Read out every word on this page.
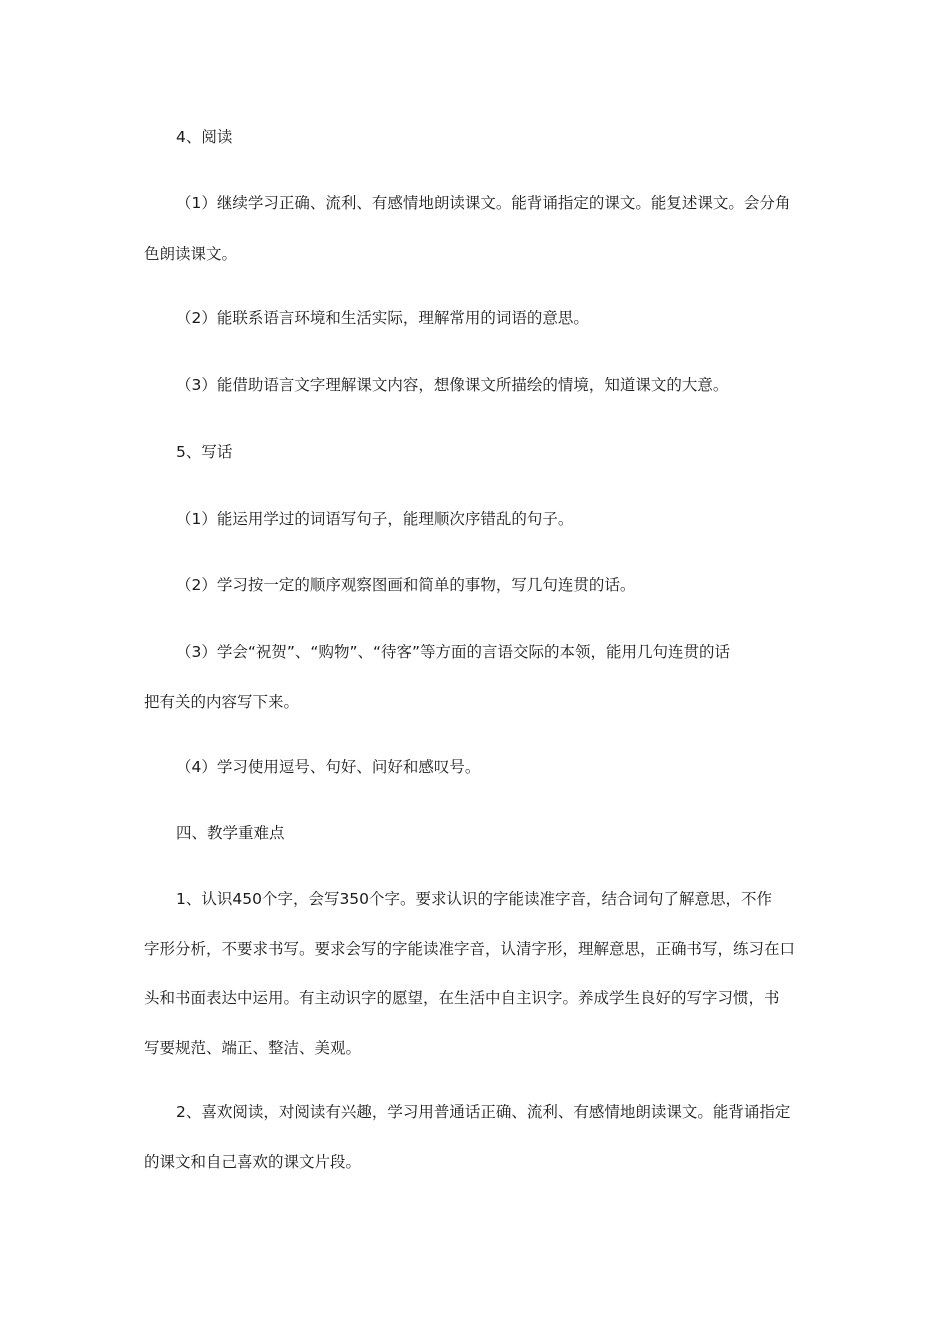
4、阅读

（1）继续学习正确、流利、有感情地朗读课文。能背诵指定的课文。能复述课文。会分角

色朗读课文。

（2）能联系语言环境和生活实际，理解常用的词语的意思。

（3）能借助语言文字理解课文内容，想像课文所描绘的情境，知道课文的大意。

5、写话

（1）能运用学过的词语写句子，能理顺次序错乱的句子。

（2）学习按一定的顺序观察图画和简单的事物，写几句连贯的话。

（3）学会“祝贺”、“购物”、“待客”等方面的言语交际的本领，能用几句连贯的话

把有关的内容写下来。

（4）学习使用逗号、句好、问好和感叹号。

四、教学重难点

1、认识450个字，会写350个字。要求认识的字能读准字音，结合词句了解意思，不作

字形分析，不要求书写。要求会写的字能读准字音，认清字形，理解意思，正确书写，练习在口

头和书面表达中运用。有主动识字的愿望，在生活中自主识字。养成学生良好的写字习惯，书

写要规范、端正、整洁、美观。

2、喜欢阅读，对阅读有兴趣，学习用普通话正确、流利、有感情地朗读课文。能背诵指定

的课文和自己喜欢的课文片段。
